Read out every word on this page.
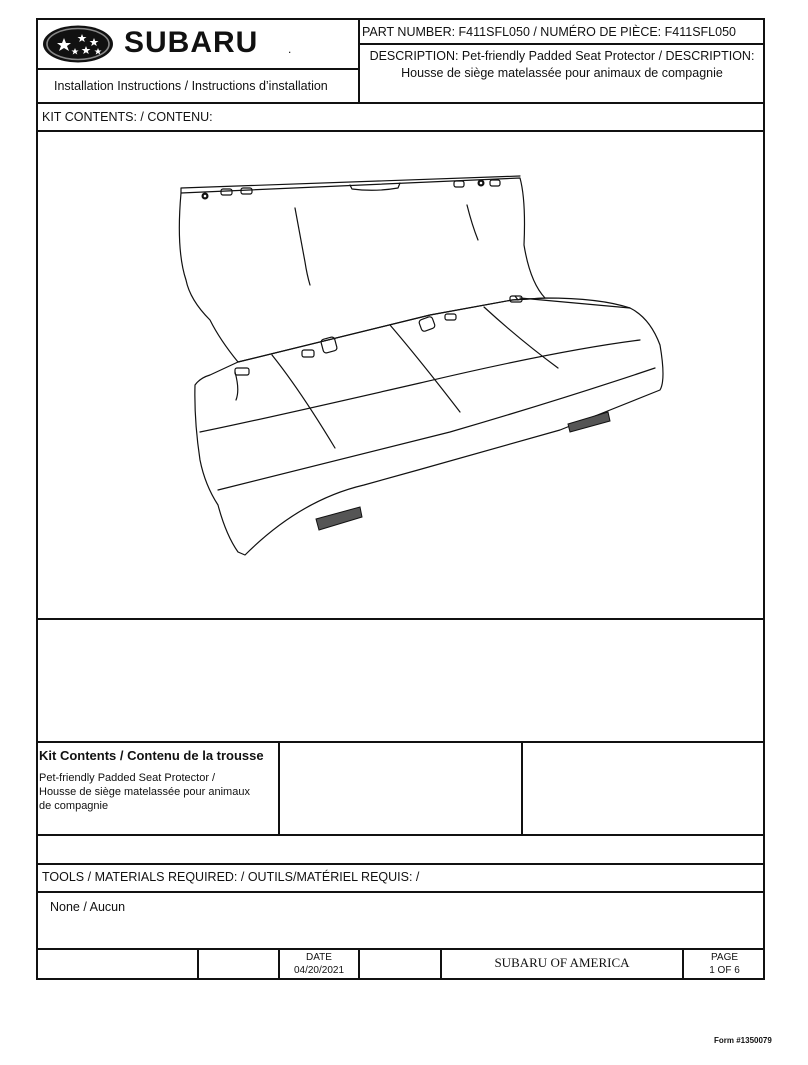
SUBARU .
Installation Instructions / Instructions d’installation
PART NUMBER: F411SFL050 / NUMÉRO DE PIÈCE: F411SFL050
DESCRIPTION: Pet-friendly Padded Seat Protector / DESCRIPTION: Housse de siège matelassée pour animaux de compagnie
KIT CONTENTS: / CONTENU:
Kit Contents / Contenu de la trousse
Pet-friendly Padded Seat Protector /
Housse de siège matelassée pour animaux
de compagnie
TOOLS / MATERIALS REQUIRED: / OUTILS/MATÉRIEL REQUIS: /
None / Aucun
DATE
04/20/2021
SUBARU OF AMERICA	PAGE
1 OF 6
Form #1350079
